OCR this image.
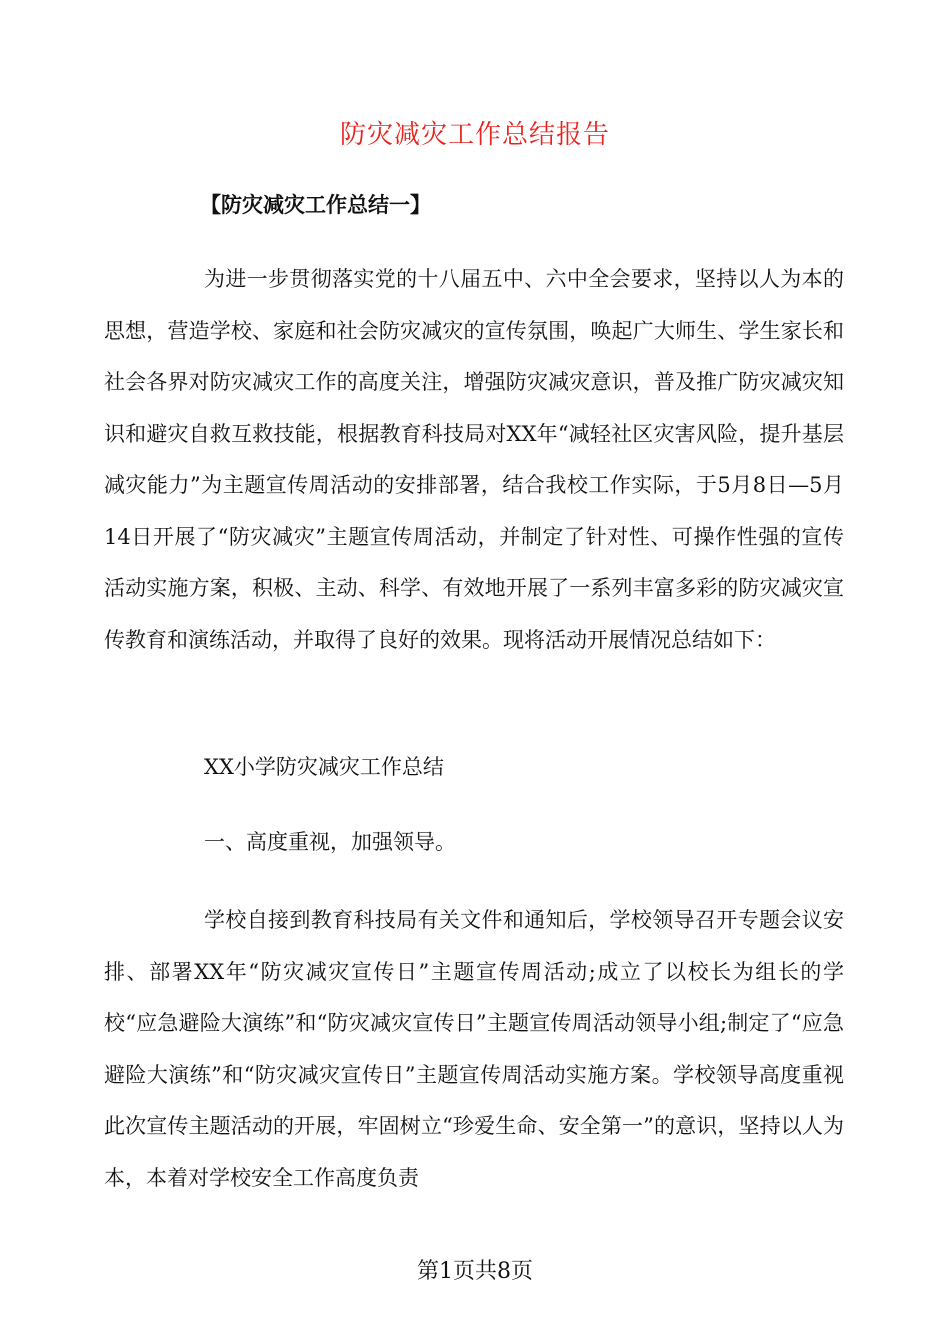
防灾减灾工作总结报告
【防灾减灾工作总结一】
为进一步贯彻落实党的十八届五中、六中全会要求，坚持以人为本的思想，营造学校、家庭和社会防灾减灾的宣传氛围，唤起广大师生、学生家长和社会各界对防灾减灾工作的高度关注，增强防灾减灾意识，普及推广防灾减灾知识和避灾自救互救技能，根据教育科技局对XX年“减轻社区灾害风险，提升基层减灾能力”为主题宣传周活动的安排部署，结合我校工作实际，于5月8日—5月14日开展了“防灾减灾”主题宣传周活动，并制定了针对性、可操作性强的宣传活动实施方案，积极、主动、科学、有效地开展了一系列丰富多彩的防灾减灾宣传教育和演练活动，并取得了良好的效果。现将活动开展情况总结如下：
XX小学防灾减灾工作总结
一、高度重视，加强领导。
学校自接到教育科技局有关文件和通知后，学校领导召开专题会议安排、部署XX年“防灾减灾宣传日”主题宣传周活动;成立了以校长为组长的学校“应急避险大演练”和“防灾减灾宣传日”主题宣传周活动领导小组;制定了“应急避险大演练”和“防灾减灾宣传日”主题宣传周活动实施方案。学校领导高度重视此次宣传主题活动的开展，牢固树立“珍爱生命、安全第一”的意识，坚持以人为本，本着对学校安全工作高度负责
第1页共8页
